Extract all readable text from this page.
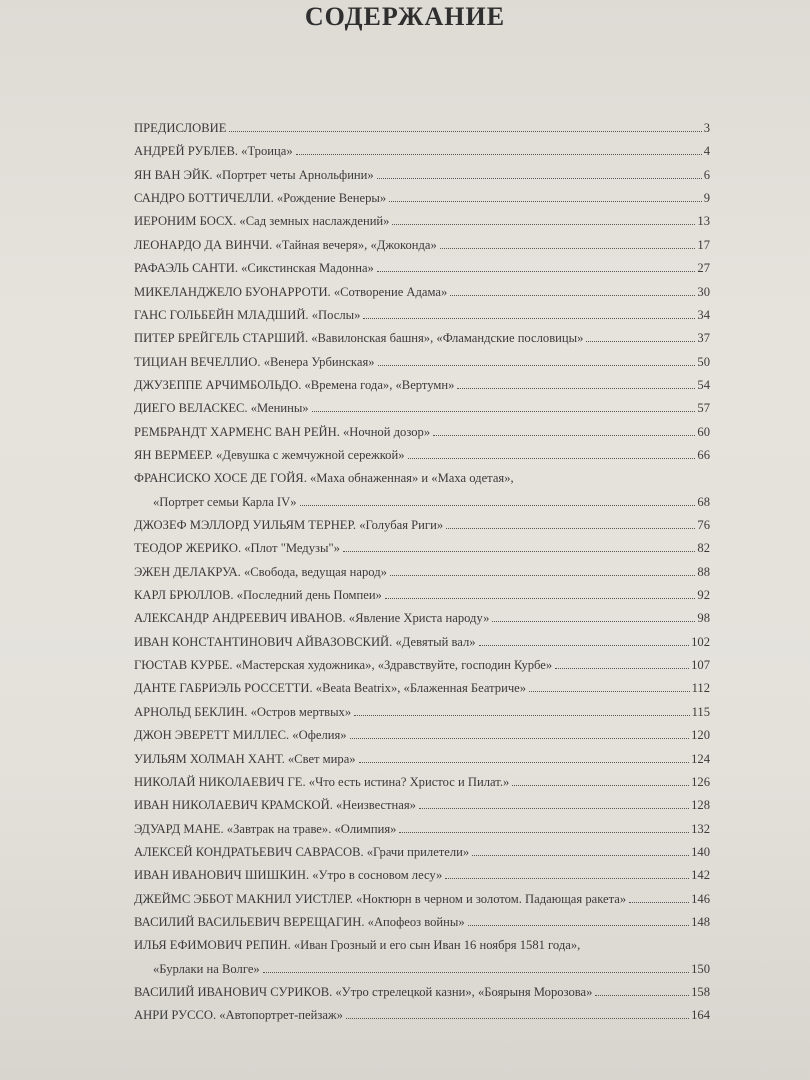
СОДЕРЖАНИЕ
ПРЕДИСЛОВИЕ	3
АНДРЕЙ РУБЛЕВ. «Троица»	4
ЯН ВАН ЭЙК. «Портрет четы Арнольфини»	6
САНДРО БОТТИЧЕЛЛИ. «Рождение Венеры»	9
ИЕРОНИМ БОСХ. «Сад земных наслаждений»	13
ЛЕОНАРДО ДА ВИНЧИ. «Тайная вечеря», «Джоконда»	17
РАФАЭЛЬ САНТИ. «Сикстинская Мадонна»	27
МИКЕЛАНДЖЕЛО БУОНАРРОТИ. «Сотворение Адама»	30
ГАНС ГОЛЬБЕЙН МЛАДШИЙ. «Послы»	34
ПИТЕР БРЕЙГЕЛЬ СТАРШИЙ. «Вавилонская башня», «Фламандские пословицы»	37
ТИЦИАН ВЕЧЕЛЛИО. «Венера Урбинская»	50
ДЖУЗЕППЕ АРЧИМБОЛЬДО. «Времена года», «Вертумн»	54
ДИЕГО ВЕЛАСКЕС. «Менины»	57
РЕМБРАНДТ ХАРМЕНС ВАН РЕЙН. «Ночной дозор»	60
ЯН ВЕРМЕЕР. «Девушка с жемчужной сережкой»	66
ФРАНСИСКО ХОСЕ ДЕ ГОЙЯ. «Маха обнаженная» и «Маха одетая»,
«Портрет семьи Карла IV»	68
ДЖОЗЕФ МЭЛЛОРД УИЛЬЯМ ТЕРНЕР. «Голубая Риги»	76
ТЕОДОР ЖЕРИКО. «Плот "Медузы"»	82
ЭЖЕН ДЕЛАКРУА. «Свобода, ведущая народ»	88
КАРЛ БРЮЛЛОВ. «Последний день Помпеи»	92
АЛЕКСАНДР АНДРЕЕВИЧ ИВАНОВ. «Явление Христа народу»	98
ИВАН КОНСТАНТИНОВИЧ АЙВАЗОВСКИЙ. «Девятый вал»	102
ГЮСТАВ КУРБЕ. «Мастерская художника», «Здравствуйте, господин Курбе»	107
ДАНТЕ ГАБРИЭЛЬ РОССЕТТИ. «Beata Beatrix», «Блаженная Беатриче»	112
АРНОЛЬД БЕКЛИН. «Остров мертвых»	115
ДЖОН ЭВЕРЕТТ МИЛЛЕС. «Офелия»	120
УИЛЬЯМ ХОЛМАН ХАНТ. «Свет мира»	124
НИКОЛАЙ НИКОЛАЕВИЧ ГЕ. «Что есть истина? Христос и Пилат.»	126
ИВАН НИКОЛАЕВИЧ КРАМСКОЙ. «Неизвестная»	128
ЭДУАРД МАНЕ. «Завтрак на траве». «Олимпия»	132
АЛЕКСЕЙ КОНДРАТЬЕВИЧ САВРАСОВ. «Грачи прилетели»	140
ИВАН ИВАНОВИЧ ШИШКИН. «Утро в сосновом лесу»	142
ДЖЕЙМС ЭББОТ МАКНИЛ УИСТЛЕР. «Ноктюрн в черном и золотом. Падающая ракета»	146
ВАСИЛИЙ ВАСИЛЬЕВИЧ ВЕРЕЩАГИН. «Апофеоз войны»	148
ИЛЬЯ ЕФИМОВИЧ РЕПИН. «Иван Грозный и его сын Иван 16 ноября 1581 года»,
«Бурлаки на Волге»	150
ВАСИЛИЙ ИВАНОВИЧ СУРИКОВ. «Утро стрелецкой казни», «Боярыня Морозова»	158
АНРИ РУССО. «Автопортрет-пейзаж»	164
